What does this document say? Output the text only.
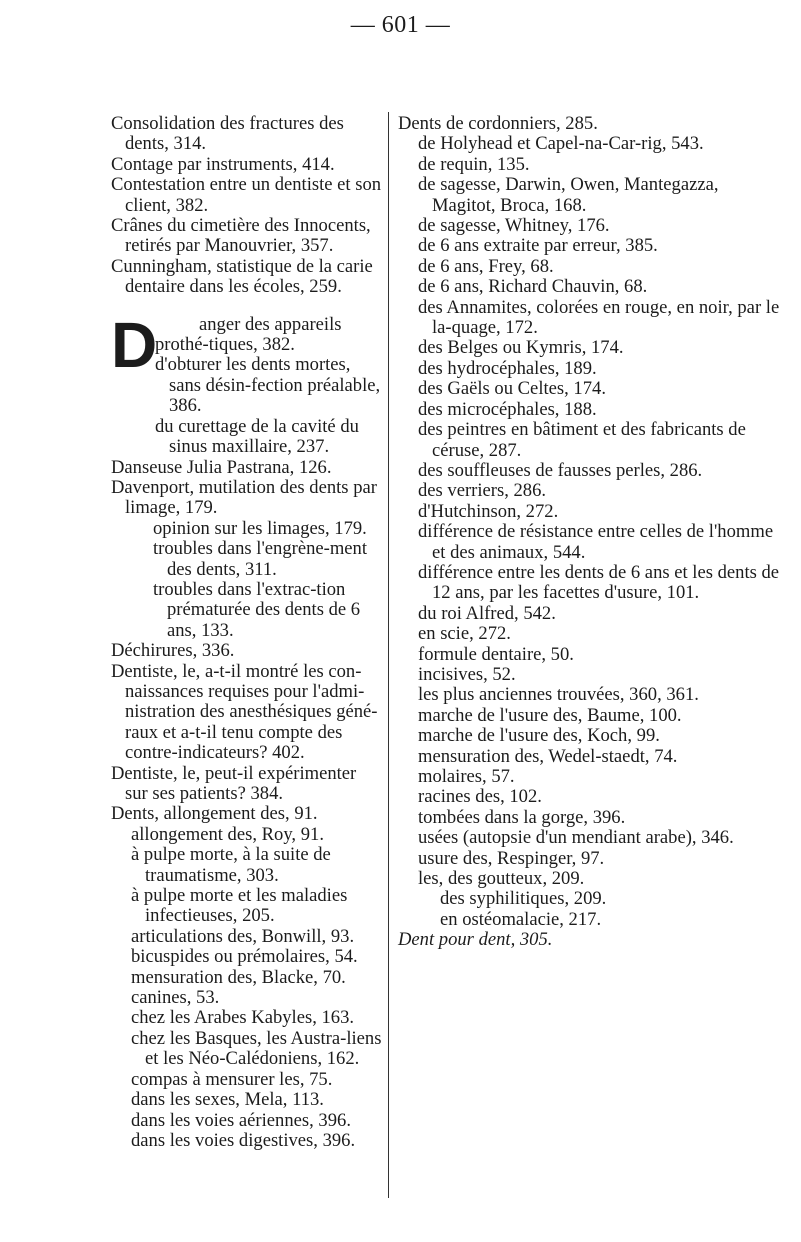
— 601 —
Consolidation des fractures des dents, 314.
Contage par instruments, 414.
Contestation entre un dentiste et son client, 382.
Crânes du cimetière des Innocents, retirés par Manouvrier, 357.
Cunningham, statistique de la carie dentaire dans les écoles, 259.
D	anger des appareils prothé-tiques, 382.
d'obturer les dents mortes, sans désin-fection préalable, 386.
du curettage de la cavité du sinus maxillaire, 237.
Danseuse Julia Pastrana, 126.
Davenport, mutilation des dents par limage, 179.
opinion sur les limages, 179.
troubles dans l'engrène-ment des dents, 311.
troubles dans l'extrac-tion prématurée des dents de 6 ans, 133.
Déchirures, 336.
Dentiste, le, a-t-il montré les con-naissances requises pour l'admi-nistration des anesthésiques géné-raux et a-t-il tenu compte des contre-indicateurs? 402.
Dentiste, le, peut-il expérimenter sur ses patients? 384.
Dents, allongement des, 91.
allongement des, Roy, 91.
à pulpe morte, à la suite de traumatisme, 303.
à pulpe morte et les maladies infectieuses, 205.
articulations des, Bonwill, 93.
bicuspides ou prémolaires, 54.
mensuration des, Blacke, 70.
canines, 53.
chez les Arabes Kabyles, 163.
chez les Basques, les Austra-liens et les Néo-Calédoniens, 162.
compas à mensurer les, 75.
dans les sexes, Mela, 113.
dans les voies aériennes, 396.
dans les voies digestives, 396.
Dents de cordonniers, 285.
de Holyhead et Capel-na-Car-rig, 543.
de requin, 135.
de sagesse, Darwin, Owen, Mantegazza, Magitot, Broca, 168.
de sagesse, Whitney, 176.
de 6 ans extraite par erreur, 385.
de 6 ans, Frey, 68.
de 6 ans, Richard Chauvin, 68.
des Annamites, colorées en rouge, en noir, par le la-quage, 172.
des Belges ou Kymris, 174.
des hydrocéphales, 189.
des Gaëls ou Celtes, 174.
des microcéphales, 188.
des peintres en bâtiment et des fabricants de céruse, 287.
des souffleuses de fausses perles, 286.
des verriers, 286.
d'Hutchinson, 272.
différence de résistance entre celles de l'homme et des animaux, 544.
différence entre les dents de 6 ans et les dents de 12 ans, par les facettes d'usure, 101.
du roi Alfred, 542.
en scie, 272.
formule dentaire, 50.
incisives, 52.
les plus anciennes trouvées, 360, 361.
marche de l'usure des, Baume, 100.
marche de l'usure des, Koch, 99.
mensuration des, Wedel-staedt, 74.
molaires, 57.
racines des, 102.
tombées dans la gorge, 396.
usées (autopsie d'un mendiant arabe), 346.
usure des, Respinger, 97.
les, des goutteux, 209.
des syphilitiques, 209.
en ostéomalacie, 217.
Dent pour dent, 305.
